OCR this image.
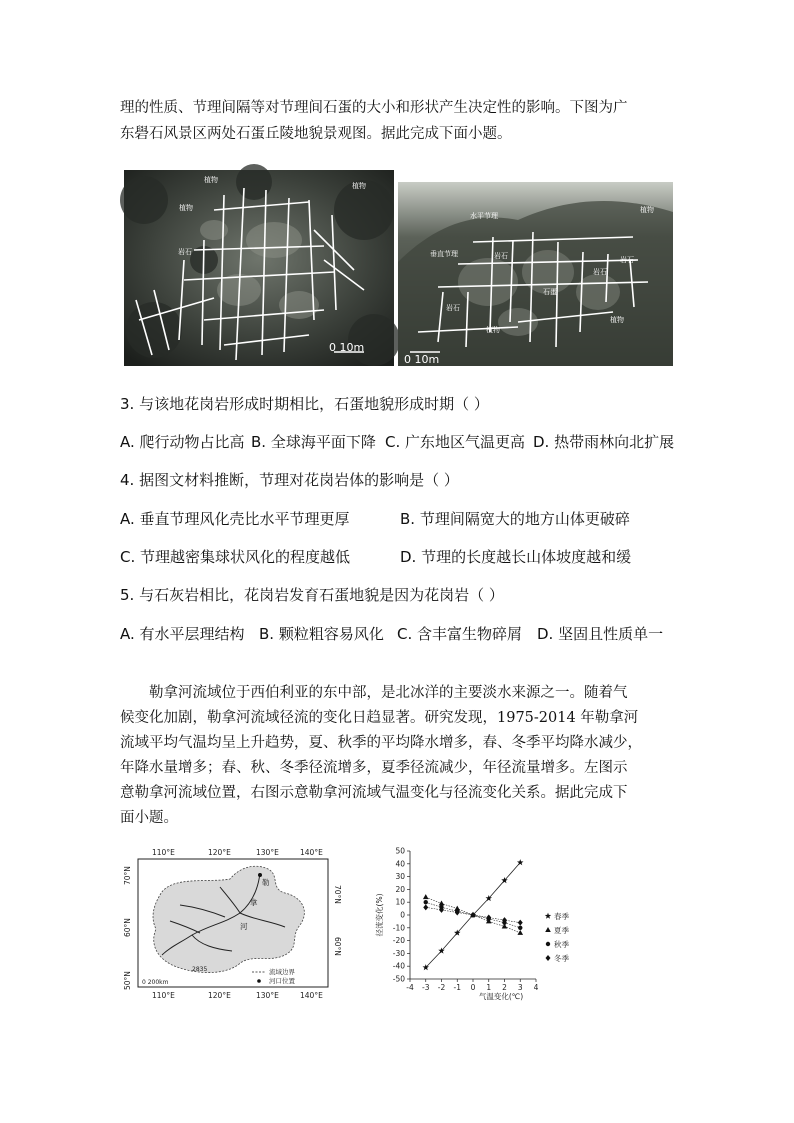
理的性质、节理间隔等对节理间石蛋的大小和形状产生决定性的影响。下图为广
东礐石风景区两处石蛋丘陵地貌景观图。据此完成下面小题。
植物
植物
岩石
植物
0 10m
水平节理
垂直节理
植物
岩石	岩石
石蛋
岩石
岩石
植物
植物
0 10m
3. 与该地花岗岩形成时期相比，石蛋地貌形成时期（ ）
A. 爬行动物占比高 B. 全球海平面下降 C. 广东地区气温更高 D. 热带雨林向北扩展
4. 据图文材料推断，节理对花岗岩体的影响是（ ）
A. 垂直节理风化壳比水平节理更厚	B. 节理间隔宽大的地方山体更破碎
C. 节理越密集球状风化的程度越低	D. 节理的长度越长山体坡度越和缓
5. 与石灰岩相比，花岗岩发育石蛋地貌是因为花岗岩（ ）
A. 有水平层理结构 B. 颗粒粗容易风化 C. 含丰富生物碎屑 D. 坚固且性质单一
勒拿河流域位于西伯利亚的东中部，是北冰洋的主要淡水来源之一。随着气
候变化加剧，勒拿河流域径流的变化日趋显著。研究发现，1975-2014 年勒拿河
流域平均气温均呈上升趋势，夏、秋季的平均降水增多，春、冬季平均降水减少，
年降水量增多；春、秋、冬季径流增多，夏季径流减少，年径流量增多。左图示
意勒拿河流域位置，右图示意勒拿河流域气温变化与径流变化关系。据此完成下
面小题。
110°E	120°E	130°E	140°E
110°E	120°E	130°E	140°E
70°N
60°N
50°N
70°N
60°N
勒
拿
河
2835
0 200km
流域边界
河口位置
径流变化(%)
气温变化(℃)
-4 -3 -2 -1 0 1 2 3 4
-50
-40
-30
-20
-10
0
10
20
30
40
50
春季
夏季
秋季
冬季
